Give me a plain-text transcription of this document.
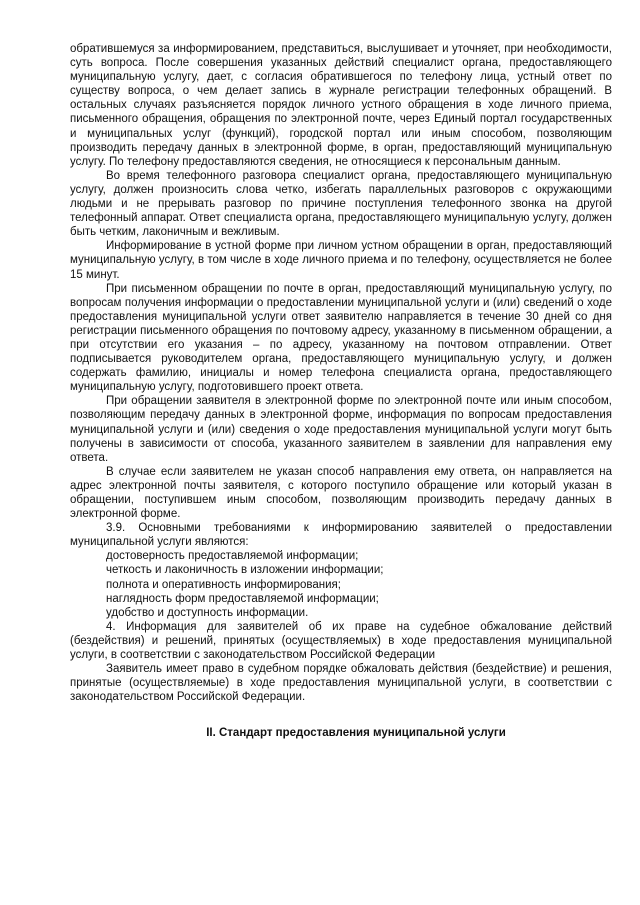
обратившемуся за информированием, представиться, выслушивает и уточняет, при необходимости, суть вопроса. После совершения указанных действий специалист органа, предоставляющего муниципальную услугу, дает, с согласия обратившегося по телефону лица, устный ответ по существу вопроса, о чем делает запись в журнале регистрации телефонных обращений. В остальных случаях разъясняется порядок личного устного обращения в ходе личного приема, письменного обращения, обращения по электронной почте, через Единый портал государственных и муниципальных услуг (функций), городской портал или иным способом, позволяющим производить передачу данных в электронной форме, в орган, предоставляющий муниципальную услугу. По телефону предоставляются сведения, не относящиеся к персональным данным.

Во время телефонного разговора специалист органа, предоставляющего муниципальную услугу, должен произносить слова четко, избегать параллельных разговоров с окружающими людьми и не прерывать разговор по причине поступления телефонного звонка на другой телефонный аппарат. Ответ специалиста органа, предоставляющего муниципальную услугу, должен быть четким, лаконичным и вежливым.

Информирование в устной форме при личном устном обращении в орган, предоставляющий муниципальную услугу, в том числе в ходе личного приема и по телефону, осуществляется не более 15 минут.

При письменном обращении по почте в орган, предоставляющий муниципальную услугу, по вопросам получения информации о предоставлении муниципальной услуги и (или) сведений о ходе предоставления муниципальной услуги ответ заявителю направляется в течение 30 дней со дня регистрации письменного обращения по почтовому адресу, указанному в письменном обращении, а при отсутствии его указания – по адресу, указанному на почтовом отправлении. Ответ подписывается руководителем органа, предоставляющего муниципальную услугу, и должен содержать фамилию, инициалы и номер телефона специалиста органа, предоставляющего муниципальную услугу, подготовившего проект ответа.

При обращении заявителя в электронной форме по электронной почте или иным способом, позволяющим передачу данных в электронной форме, информация по вопросам предоставления муниципальной услуги и (или) сведения о ходе предоставления муниципальной услуги могут быть получены в зависимости от способа, указанного заявителем в заявлении для направления ему ответа.

В случае если заявителем не указан способ направления ему ответа, он направляется на адрес электронной почты заявителя, с которого поступило обращение или который указан в обращении, поступившем иным способом, позволяющим производить передачу данных в электронной форме.

3.9. Основными требованиями к информированию заявителей о предоставлении муниципальной услуги являются:

достоверность предоставляемой информации;

четкость и лаконичность в изложении информации;

полнота и оперативность информирования;

наглядность форм предоставляемой информации;

удобство и доступность информации.

4. Информация для заявителей об их праве на судебное обжалование действий (бездействия) и решений, принятых (осуществляемых) в ходе предоставления муниципальной услуги, в соответствии с законодательством Российской Федерации

Заявитель имеет право в судебном порядке обжаловать действия (бездействие) и решения, принятые (осуществляемые) в ходе предоставления муниципальной услуги, в соответствии с законодательством Российской Федерации.

II. Стандарт предоставления муниципальной услуги
